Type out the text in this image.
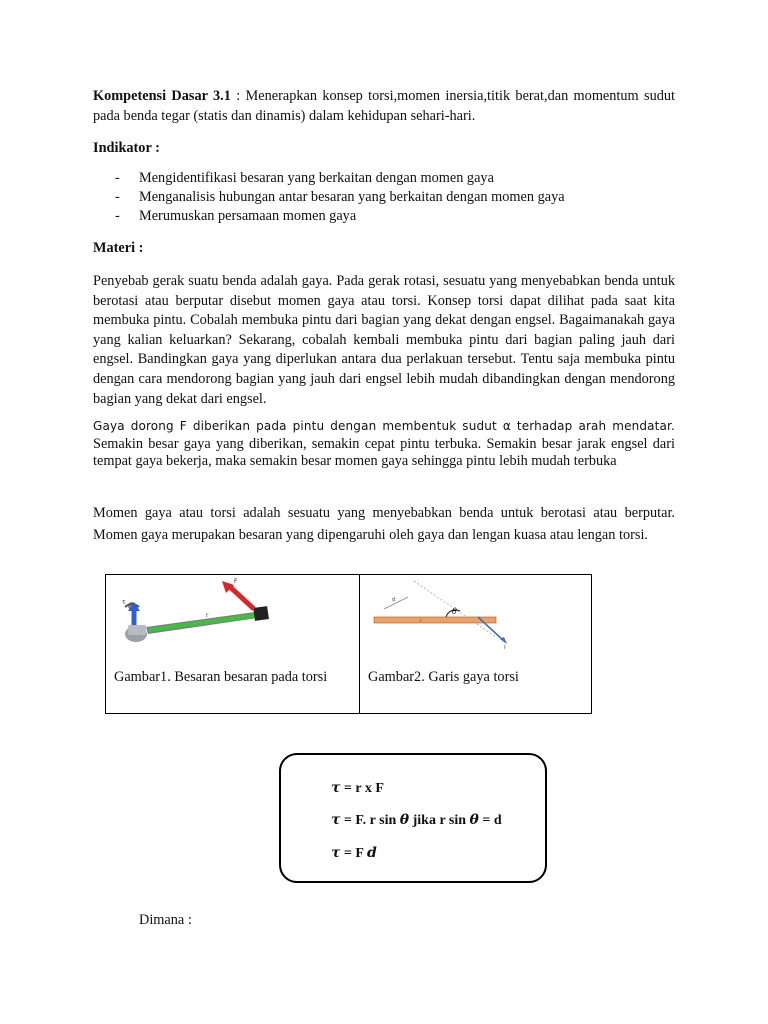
Kompetensi Dasar 3.1 : Menerapkan konsep torsi,momen inersia,titik berat,dan momentum sudut pada benda tegar (statis dan dinamis) dalam kehidupan sehari-hari.
Indikator :
- Mengidentifikasi besaran yang berkaitan dengan momen gaya
- Menganalisis hubungan antar besaran yang berkaitan dengan momen gaya
- Merumuskan persamaan momen gaya
Materi :
Penyebab gerak suatu benda adalah gaya. Pada gerak rotasi, sesuatu yang menyebabkan benda untuk berotasi atau berputar disebut momen gaya atau torsi. Konsep torsi dapat dilihat pada saat kita membuka pintu. Cobalah membuka pintu dari bagian yang dekat dengan engsel. Bagaimanakah gaya yang kalian keluarkan? Sekarang, cobalah kembali membuka pintu dari bagian paling jauh dari engsel. Bandingkan gaya yang diperlukan antara dua perlakuan tersebut. Tentu saja membuka pintu dengan cara mendorong bagian yang jauh dari engsel lebih mudah dibandingkan dengan mendorong bagian yang dekat dari engsel.
Gaya dorong F diberikan pada pintu dengan membentuk sudut α terhadap arah mendatar. Semakin besar gaya yang diberikan, semakin cepat pintu terbuka. Semakin besar jarak engsel dari tempat gaya bekerja, maka semakin besar momen gaya sehingga pintu lebih mudah terbuka
Momen gaya atau torsi adalah sesuatu yang menyebabkan benda untuk berotasi atau berputar. Momen gaya merupakan besaran yang dipengaruhi oleh gaya dan lengan kuasa atau lengan torsi.
F
r
τ
Gambar1. Besaran besaran pada torsi
d
θ
r
F
Gambar2. Garis gaya torsi
τ = r x F
τ = F. r sin θ jika r sin θ = d
τ = F d
Dimana :
